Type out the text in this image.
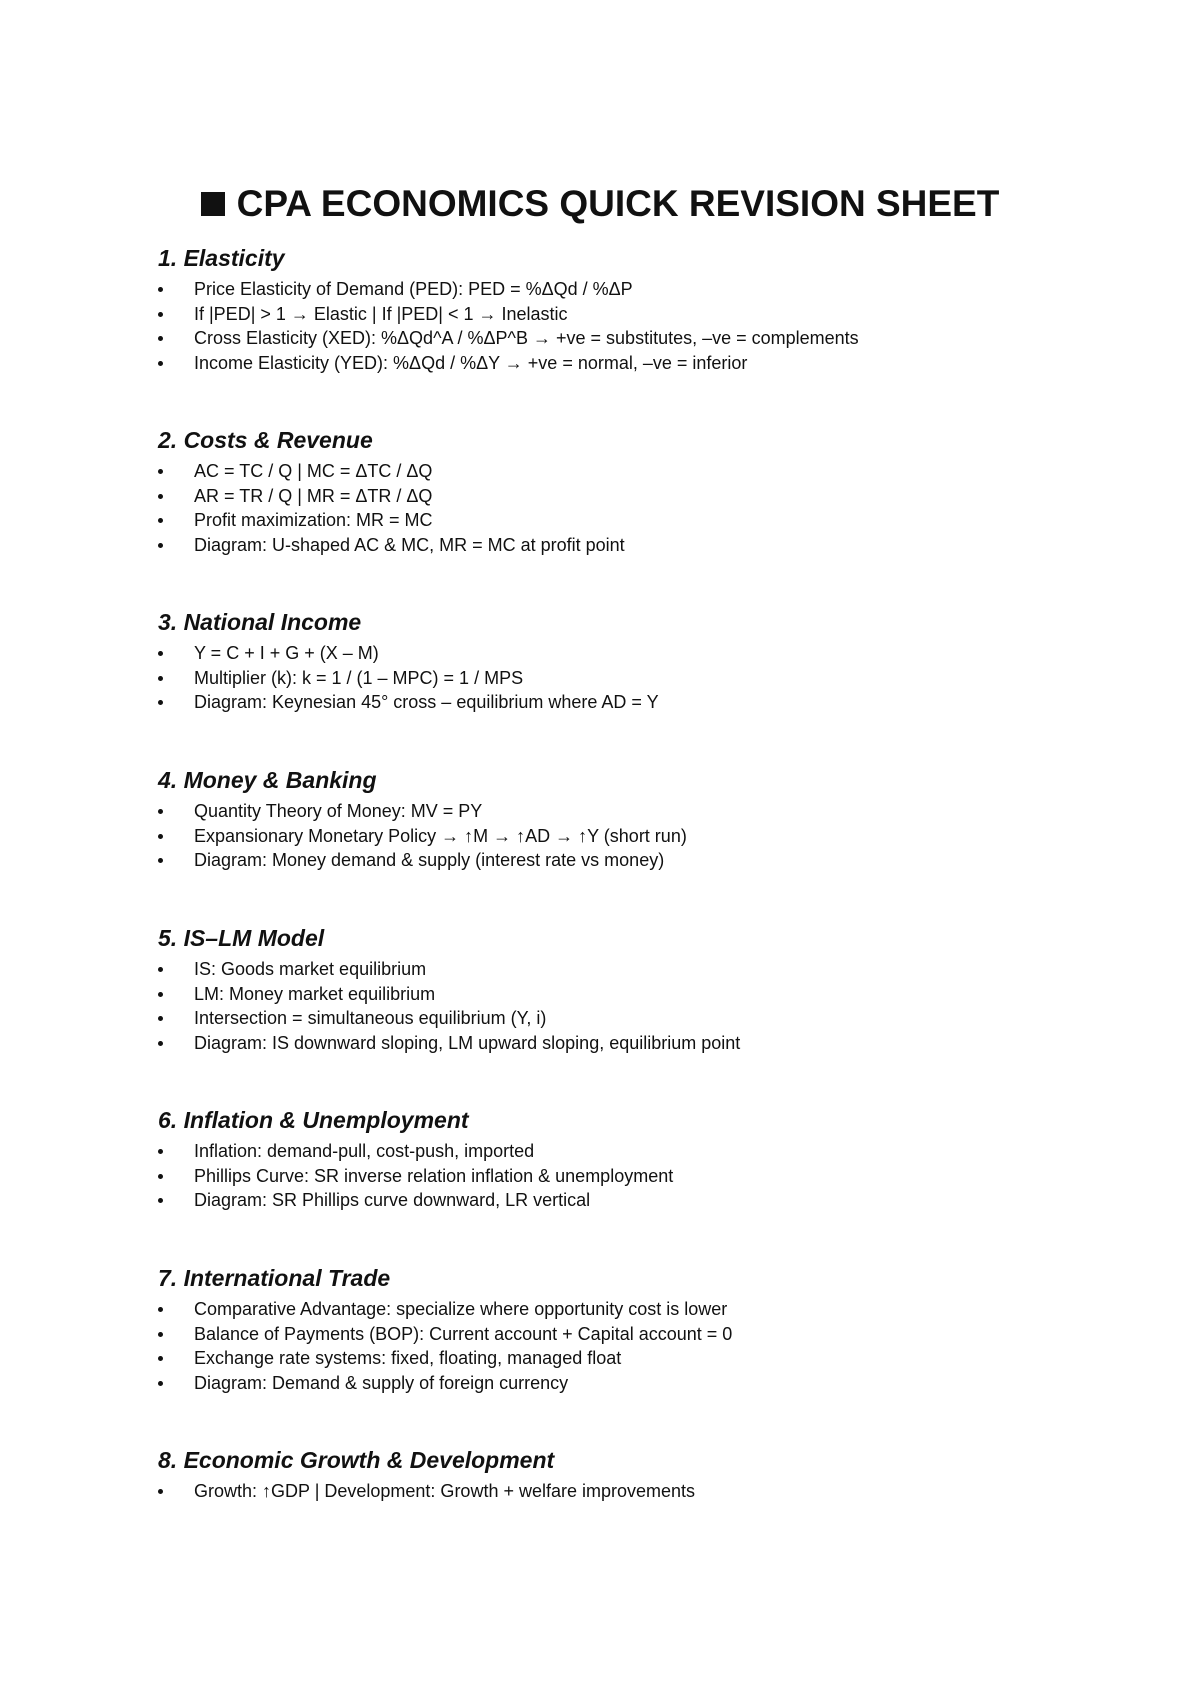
CPA ECONOMICS QUICK REVISION SHEET
1. Elasticity
Price Elasticity of Demand (PED): PED = %ΔQd / %ΔP
If |PED| > 1 → Elastic | If |PED| < 1 → Inelastic
Cross Elasticity (XED): %ΔQd^A / %ΔP^B → +ve = substitutes, –ve = complements
Income Elasticity (YED): %ΔQd / %ΔY → +ve = normal, –ve = inferior
2. Costs & Revenue
AC = TC / Q | MC = ΔTC / ΔQ
AR = TR / Q | MR = ΔTR / ΔQ
Profit maximization: MR = MC
Diagram: U-shaped AC & MC, MR = MC at profit point
3. National Income
Y = C + I + G + (X – M)
Multiplier (k): k = 1 / (1 – MPC) = 1 / MPS
Diagram: Keynesian 45° cross – equilibrium where AD = Y
4. Money & Banking
Quantity Theory of Money: MV = PY
Expansionary Monetary Policy → ↑M → ↑AD → ↑Y (short run)
Diagram: Money demand & supply (interest rate vs money)
5. IS–LM Model
IS: Goods market equilibrium
LM: Money market equilibrium
Intersection = simultaneous equilibrium (Y, i)
Diagram: IS downward sloping, LM upward sloping, equilibrium point
6. Inflation & Unemployment
Inflation: demand-pull, cost-push, imported
Phillips Curve: SR inverse relation inflation & unemployment
Diagram: SR Phillips curve downward, LR vertical
7. International Trade
Comparative Advantage: specialize where opportunity cost is lower
Balance of Payments (BOP): Current account + Capital account = 0
Exchange rate systems: fixed, floating, managed float
Diagram: Demand & supply of foreign currency
8. Economic Growth & Development
Growth: ↑GDP | Development: Growth + welfare improvements
